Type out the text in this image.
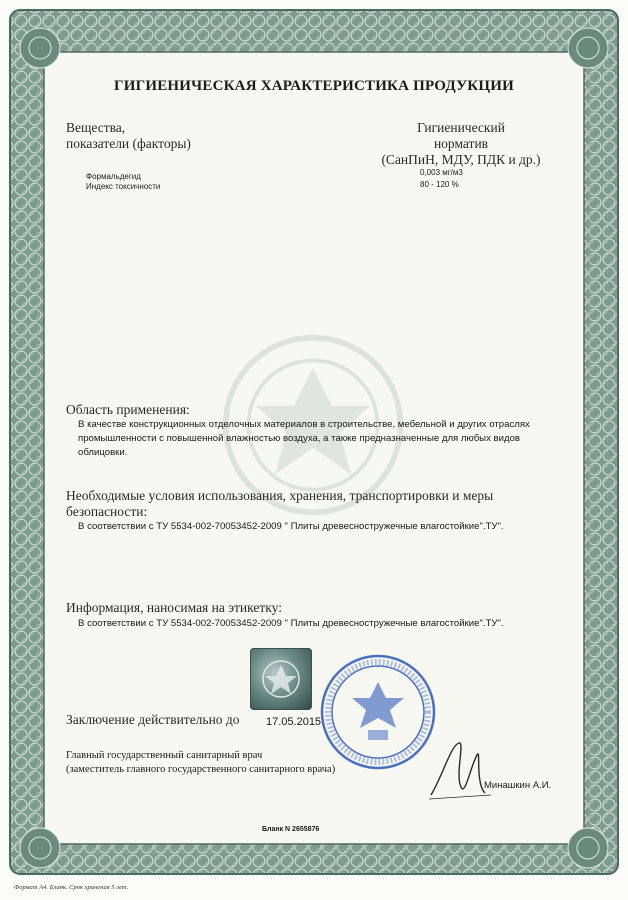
ГИГИЕНИЧЕСКАЯ ХАРАКТЕРИСТИКА ПРОДУКЦИИ
Вещества,
показатели (факторы)
Гигиенический
норматив
(СанПиН, МДУ, ПДК и др.)
Формальдегид
Индекс токсичности
0,003 мг/м3
80 - 120 %
Область применения:
В качестве конструкционных отделочных материалов в строительстве, мебельной и других отраслях промышленности с повышенной влажностью воздуха, а также предназначенные для любых видов облицовки.
Необходимые условия использования, хранения, транспортировки и меры
безопасности:
В соответствии с ТУ 5534-002-70053452-2009 " Плиты древесностружечные влагостойкие".ТУ".
Информация, наносимая на этикетку:
В соответствии с ТУ 5534-002-70053452-2009 " Плиты древесностружечные влагостойкие".ТУ".
Заключение действительно до 17.05.2015
Главный государственный санитарный врач
(заместитель главного государственного санитарного врача)
Минашкин А.И.
Бланк N 2655876
Формат А4. Бланк. Срок хранения 5 лет.
